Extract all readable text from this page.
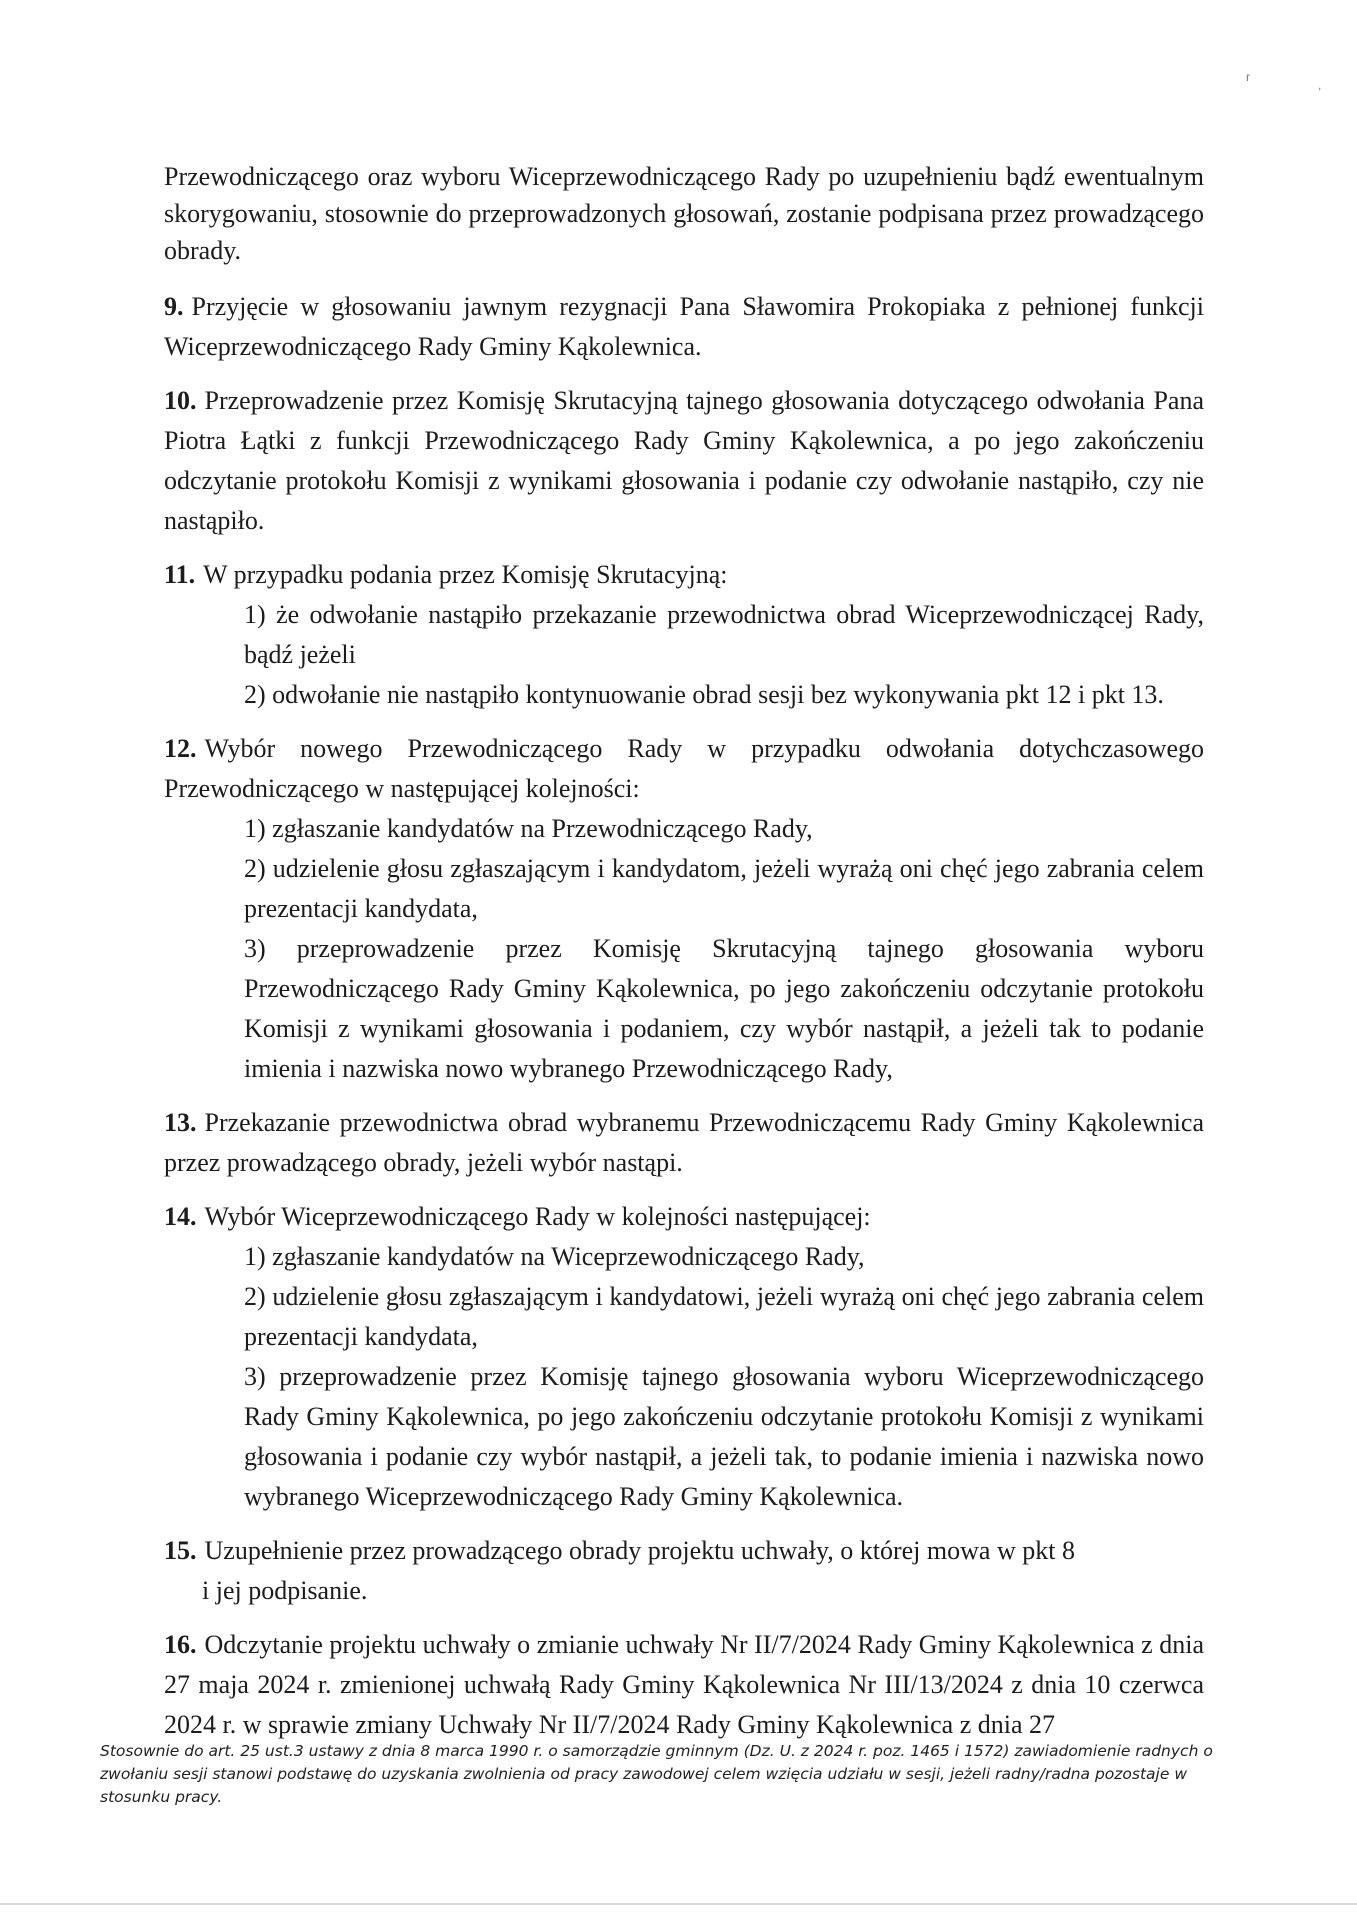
r
,

Przewodniczącego oraz wyboru Wiceprzewodniczącego Rady po uzupełnieniu bądź ewentualnym skorygowaniu, stosownie do przeprowadzonych głosowań, zostanie podpisana przez prowadzącego obrady.

9. Przyjęcie w głosowaniu jawnym rezygnacji Pana Sławomira Prokopiaka z pełnionej funkcji Wiceprzewodniczącego Rady Gminy Kąkolewnica.
10. Przeprowadzenie przez Komisję Skrutacyjną tajnego głosowania dotyczącego odwołania Pana Piotra Łątki z funkcji Przewodniczącego Rady Gminy Kąkolewnica, a po jego zakończeniu odczytanie protokołu Komisji z wynikami głosowania i podanie czy odwołanie nastąpiło, czy nie nastąpiło.
11. W przypadku podania przez Komisję Skrutacyjną:
1) że odwołanie nastąpiło przekazanie przewodnictwa obrad Wiceprzewodniczącej Rady, bądź jeżeli
2) odwołanie nie nastąpiło kontynuowanie obrad sesji bez wykonywania pkt 12 i pkt 13.
12. Wybór nowego Przewodniczącego Rady w przypadku odwołania dotychczasowego Przewodniczącego w następującej kolejności:
1) zgłaszanie kandydatów na Przewodniczącego Rady,
2) udzielenie głosu zgłaszającym i kandydatom, jeżeli wyrażą oni chęć jego zabrania celem prezentacji kandydata,
3) przeprowadzenie przez Komisję Skrutacyjną tajnego głosowania wyboru Przewodniczącego Rady Gminy Kąkolewnica, po jego zakończeniu odczytanie protokołu Komisji z wynikami głosowania i podaniem, czy wybór nastąpił, a jeżeli tak to podanie imienia i nazwiska nowo wybranego Przewodniczącego Rady,
13. Przekazanie przewodnictwa obrad wybranemu Przewodniczącemu Rady Gminy Kąkolewnica przez prowadzącego obrady, jeżeli wybór nastąpi.
14. Wybór Wiceprzewodniczącego Rady w kolejności następującej:
1) zgłaszanie kandydatów na Wiceprzewodniczącego Rady,
2) udzielenie głosu zgłaszającym i kandydatowi, jeżeli wyrażą oni chęć jego zabrania celem prezentacji kandydata,
3) przeprowadzenie przez Komisję tajnego głosowania wyboru Wiceprzewodniczącego Rady Gminy Kąkolewnica, po jego zakończeniu odczytanie protokołu Komisji z wynikami głosowania i podanie czy wybór nastąpił, a jeżeli tak, to podanie imienia i nazwiska nowo wybranego Wiceprzewodniczącego Rady Gminy Kąkolewnica.
15. Uzupełnienie przez prowadzącego obrady projektu uchwały, o której mowa w pkt 8
i jej podpisanie.
16. Odczytanie projektu uchwały o zmianie uchwały Nr II/7/2024 Rady Gminy Kąkolewnica z dnia 27 maja 2024 r. zmienionej uchwałą Rady Gminy Kąkolewnica Nr III/13/2024 z dnia 10 czerwca 2024 r. w sprawie zmiany Uchwały Nr II/7/2024 Rady Gminy Kąkolewnica z dnia 27
Stosownie do art. 25 ust.3 ustawy z dnia 8 marca 1990 r. o samorządzie gminnym (Dz. U. z 2024 r. poz. 1465 i 1572) zawiadomienie radnych o zwołaniu sesji stanowi podstawę do uzyskania zwolnienia od pracy zawodowej celem wzięcia udziału w sesji, jeżeli radny/radna pozostaje w stosunku pracy.
